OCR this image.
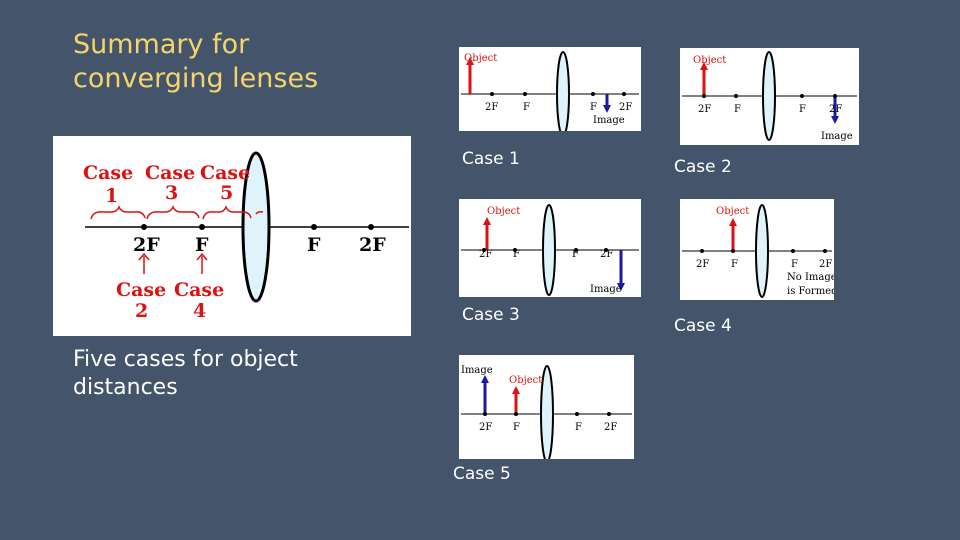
Summary for converging lenses
Five cases for object distances
Case
1
Case
3
Case
5
Case
2
Case
4
2F F	F 2F
Object
2F F	F 2F
Image
Case 1
Object
2F F	F 2F
Image
Case 2
Object
2F F	F 2F
Image
Case 3
Object
2F F	F 2F
No Image
is Formed
Case 4
Image
Object
2F F	F 2F
Case 5
